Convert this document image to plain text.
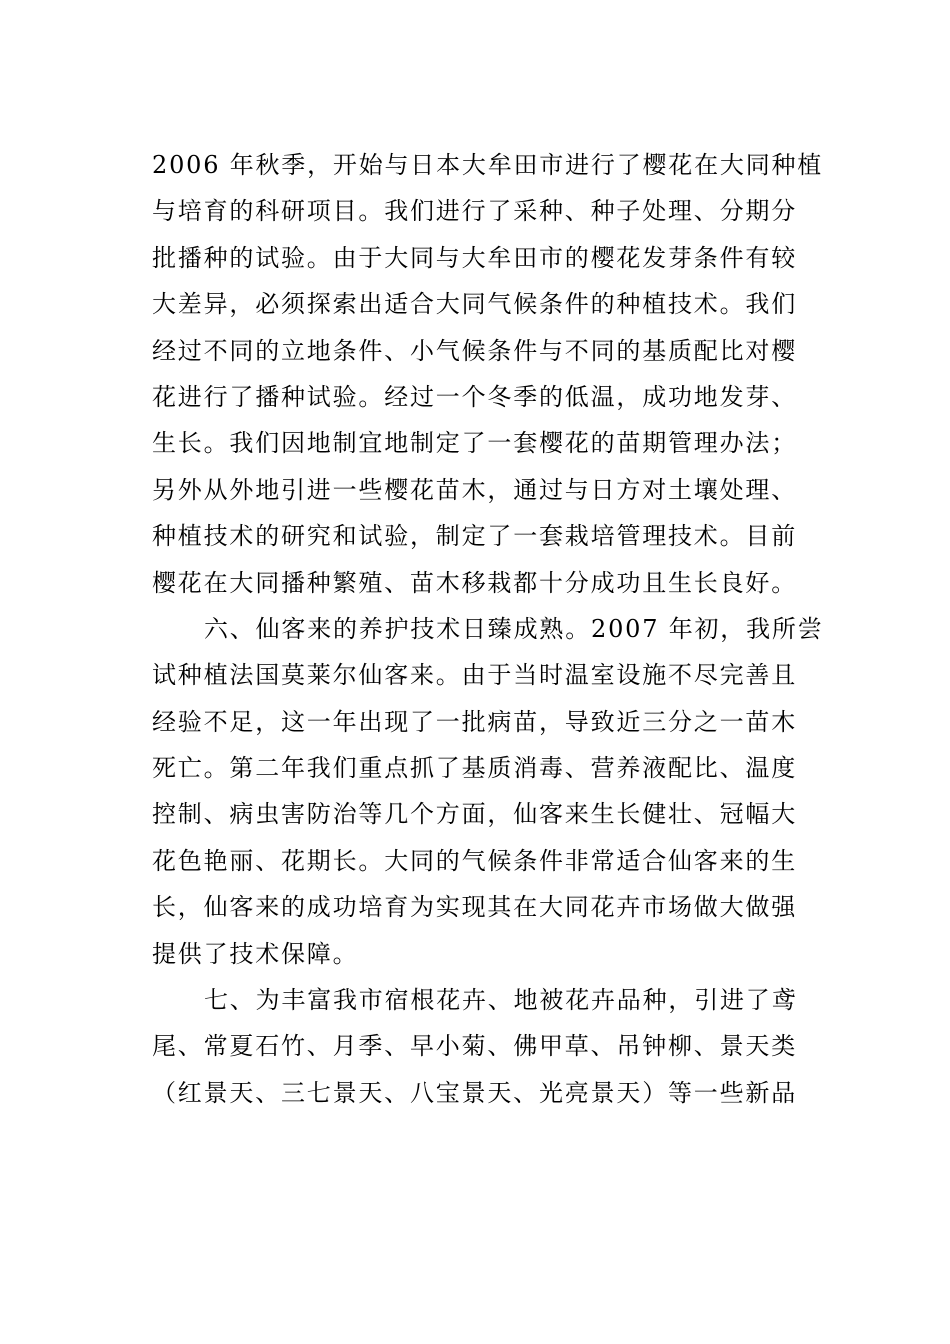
2006 年秋季，开始与日本大牟田市进行了樱花在大同种植
与培育的科研项目。我们进行了采种、种子处理、分期分
批播种的试验。由于大同与大牟田市的樱花发芽条件有较
大差异，必须探索出适合大同气候条件的种植技术。我们
经过不同的立地条件、小气候条件与不同的基质配比对樱
花进行了播种试验。经过一个冬季的低温，成功地发芽、
生长。我们因地制宜地制定了一套樱花的苗期管理办法；
另外从外地引进一些樱花苗木，通过与日方对土壤处理、
种植技术的研究和试验，制定了一套栽培管理技术。目前
樱花在大同播种繁殖、苗木移栽都十分成功且生长良好。
六、仙客来的养护技术日臻成熟。2007 年初，我所尝
试种植法国莫莱尔仙客来。由于当时温室设施不尽完善且
经验不足，这一年出现了一批病苗，导致近三分之一苗木
死亡。第二年我们重点抓了基质消毒、营养液配比、温度
控制、病虫害防治等几个方面，仙客来生长健壮、冠幅大
花色艳丽、花期长。大同的气候条件非常适合仙客来的生
长，仙客来的成功培育为实现其在大同花卉市场做大做强
提供了技术保障。
七、为丰富我市宿根花卉、地被花卉品种，引进了鸢
尾、常夏石竹、月季、早小菊、佛甲草、吊钟柳、景天类
（红景天、三七景天、八宝景天、光亮景天）等一些新品
